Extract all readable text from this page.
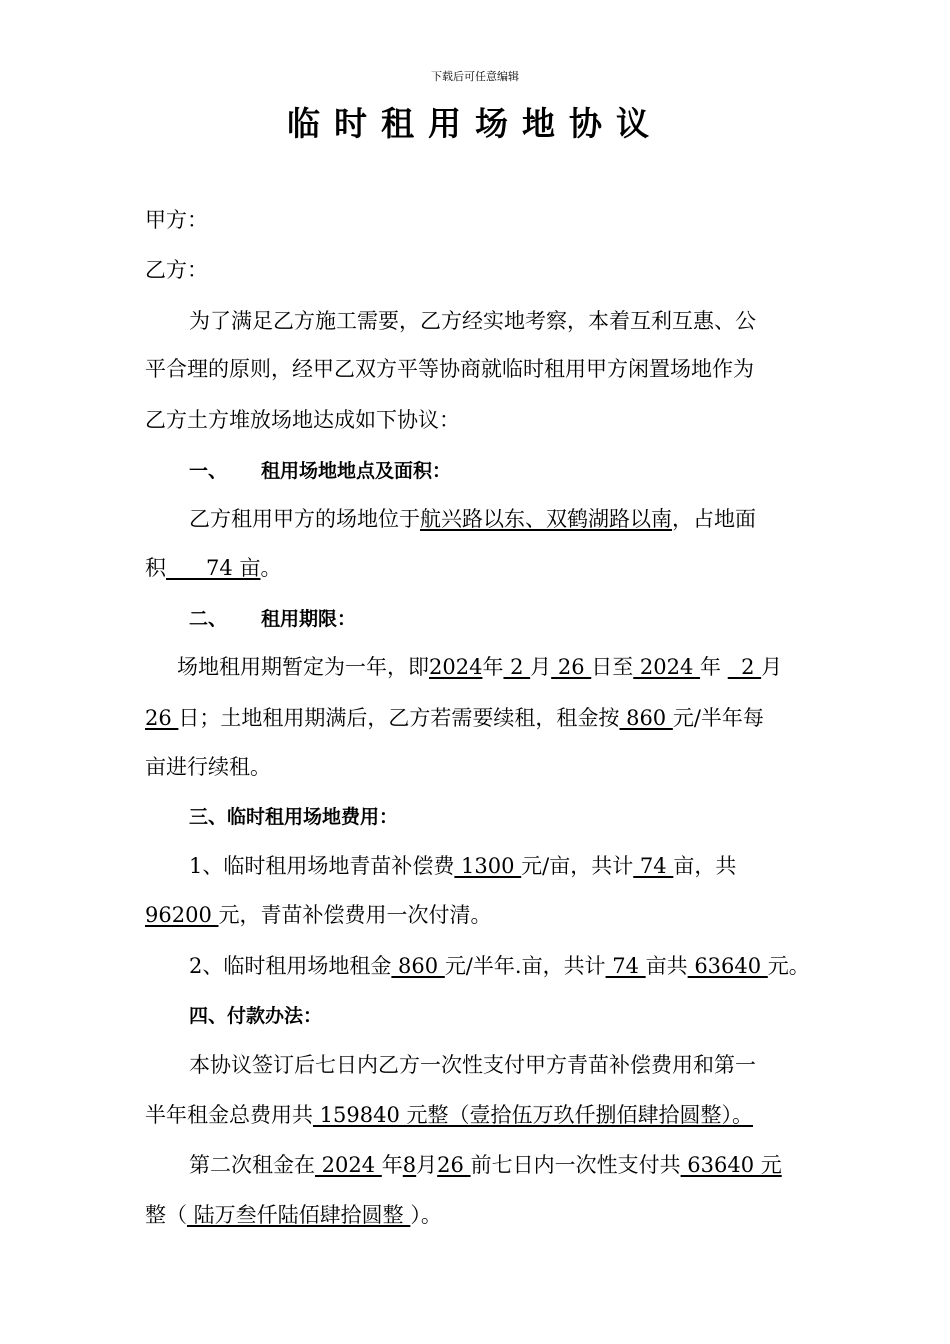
下载后可任意编辑
临时租用场地协议
甲方：
乙方：
为了满足乙方施工需要，乙方经实地考察，本着互利互惠、公
平合理的原则，经甲乙双方平等协商就临时租用甲方闲置场地作为
乙方土方堆放场地达成如下协议：
一、 租用场地地点及面积：
乙方租用甲方的场地位于航兴路以东、双鹤湖路以南，占地面
积      74 亩。
二、 租用期限：
场地租用期暂定为一年，即2024年 2 月 26 日至 2024 年   2 月
26 日；土地租用期满后，乙方若需要续租，租金按 860 元/半年每
亩进行续租。
三、临时租用场地费用：
1、临时租用场地青苗补偿费 1300 元/亩，共计 74 亩，共
96200 元，青苗补偿费用一次付清。
2、临时租用场地租金 860 元/半年.亩，共计 74 亩共 63640 元。
四、付款办法：
本协议签订后七日内乙方一次性支付甲方青苗补偿费用和第一
半年租金总费用共 159840 元整（壹拾伍万玖仟捌佰肆拾圆整）。
第二次租金在 2024 年8月26 前七日内一次性支付共 63640 元
整（ 陆万叁仟陆佰肆拾圆整 ）。
